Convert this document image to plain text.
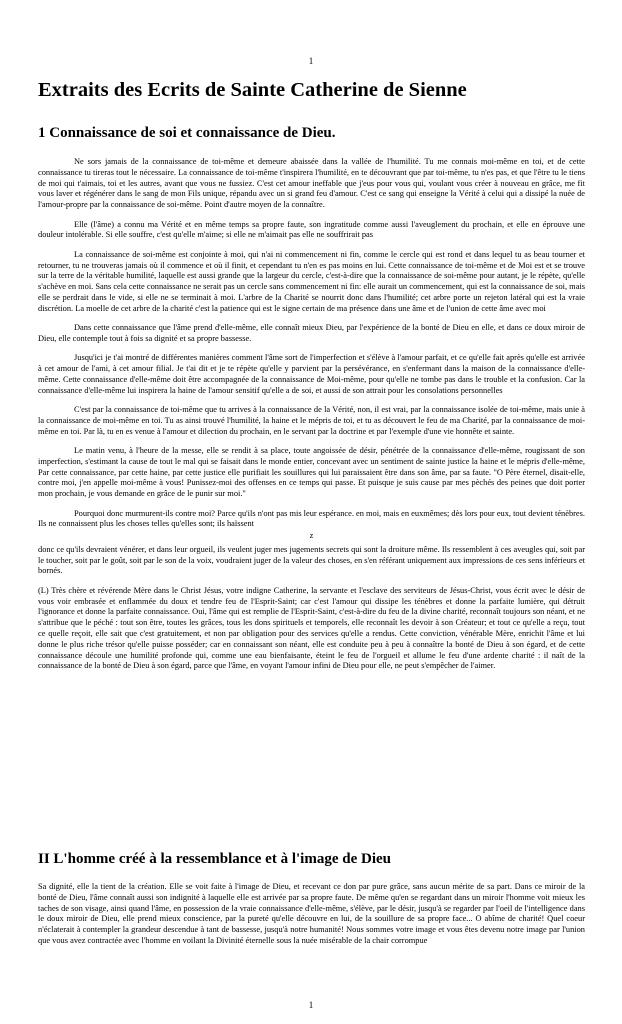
1
Extraits des Ecrits de Sainte Catherine de Sienne
1 Connaissance de soi et connaissance de Dieu.

Ne sors jamais de la connaissance de toi-même et demeure abaissée dans la vallée de l'humilité. Tu me connais moi-même en toi, et de cette connaissance tu tireras tout le nécessaire. La connaissance de toi-même t'inspirera l'humilité, en te découvrant que par toi-même, tu n'es pas, et que l'être tu le tiens de moi qui t'aimais, toi et les autres, avant que vous ne fussiez. C'est cet amour ineffable que j'eus pour vous qui, voulant vous créer à nouveau en grâce, me fit vous laver et régénérer dans le sang de mon Fils unique, répandu avec un si grand feu d'amour. C'est ce sang qui enseigne la Vérité à celui qui a dissipé la nuée de l'amour-propre par la connaissance de soi-même. Point d'autre moyen de la connaître.

Elle (l'âme) a connu ma Vérité et en même temps sa propre faute, son ingratitude comme aussi l'aveuglement du prochain, et elle en éprouve une douleur intolérable. Si elle souffre, c'est qu'elle m'aime; si elle ne m'aimait pas elle ne souffrirait pas

La connaissance de soi-même est conjointe à moi, qui n'ai ni commencement ni fin, comme le cercle qui est rond et dans lequel tu as beau tourner et retourner, tu ne trouveras jamais où il commence et où il finit, et cependant tu n'en es pas moins en lui. Cette connaissance de toi-même et de Moi est et se trouve sur la terre de la véritable humilité, laquelle est aussi grande que la largeur du cercle, c'est-à-dire que la connaissance de soi-même pour autant, je le répète, qu'elle s'achève en moi. Sans cela cette connaissance ne serait pas un cercle sans commencement ni fin: elle aurait un commencement, qui est la connaissance de soi, mais elle se perdrait dans le vide, si elle ne se terminait à moi. L'arbre de la Charité se nourrit donc dans l'humilité; cet arbre porte un rejeton latéral qui est la vraie discrétion. La moelle de cet arbre de la charité c'est la patience qui est le signe certain de ma présence dans une âme et de l'union de cette âme avec moi

Dans cette connaissance que l'âme prend d'elle-même, elle connaît mieux Dieu, par l'expérience de la bonté de Dieu en elle, et dans ce doux miroir de Dieu, elle contemple tout à fois sa dignité et sa propre bassesse.

Jusqu'ici je t'ai montré de différentes manières comment l'âme sort de l'imperfection et s'élève à l'amour parfait, et ce qu'elle fait après qu'elle est arrivée à cet amour de l'ami, à cet amour filial. Je t'ai dit et je te répète qu'elle y parvient par la persévérance, en s'enfermant dans la maison de la connaissance d'elle-même. Cette connaissance d'elle-même doit être accompagnée de la connaissance de Moi-même, pour qu'elle ne tombe pas dans le trouble et la confusion. Car la connaissance d'elle-même lui inspirera la haine de l'amour sensitif qu'elle a de soi, et aussi de son attrait pour les consolations personnelles

C'est par la connaissance de toi-même que tu arrives à la connaissance de la Vérité, non, il est vrai, par la connaissance isolée de toi-même, mais unie à la connaissance de moi-même en toi. Tu as ainsi trouvé l'humilité, la haine et le mépris de toi, et tu as découvert le feu de ma Charité, par la connaissance de moi-même en toi. Par là, tu en es venue à l'amour et dilection du prochain, en le servant par la doctrine et par l'exemple d'une vie honnête et sainte.

Le matin venu, à l'heure de la messe, elle se rendit à sa place, toute angoissée de désir, pénétrée de la connaissance d'elle-même, rougissant de son imperfection, s'estimant la cause de tout le mal qui se faisait dans le monde entier, concevant avec un sentiment de sainte justice la haine et le mépris d'elle-même, Par cette connaissance, par cette haine, par cette justice elle purifiait les souillures qui lui paraissaient être dans son âme, par sa faute. "O Père éternel, disait-elle, contre moi, j'en appelle moi-même à vous! Punissez-moi des offenses en ce temps qui passe. Et puisque je suis cause par mes pèchés des peines que doit porter mon prochain, je vous demande en grâce de le punir sur moi."

Pourquoi donc murmurent-ils contre moi? Parce qu'ils n'ont pas mis leur espérance. en moi, mais en euxmêmes; dès lors pour eux, tout devient ténèbres. Ils ne connaissent plus les choses telles qu'elles sont; ils haïssent

z

donc ce qu'ils devraient vénérer, et dans leur orgueil, ils veulent juger mes jugements secrets qui sont la droiture même. Ils ressemblent à ces aveugles qui, soit par le toucher, soit par le goût, soit par le son de la voix, voudraient juger de la valeur des choses, en s'en référant uniquement aux impressions de ces sens inférieurs et bornés.

(L) Très chère et révérende Mère dans le Christ Jésus, votre indigne Catherine, la servante et l'esclave des serviteurs de Jésus-Christ, vous écrit avec le désir de vous voir embrasée et enflammée du doux et tendre feu de l'Esprit-Saint; car c'est l'amour qui dissipe les ténèbres et donne la parfaite lumière, qui détruit l'ignorance et donne la parfaite connaissance. Oui, l'âme qui est remplie de l'Esprit-Saint, c'est-à-dire du feu de la divine charité, reconnaît toujours son néant, et ne s'attribue que le péché : tout son être, toutes les grâces, tous les dons spirituels et temporels, elle reconnaît les devoir à son Créateur; et tout ce qu'elle a reçu, tout ce quelle reçoit, elle sait que c'est gratuitement, et non par obligation pour des services qu'elle a rendus. Cette conviction, vénérable Mère, enrichit l'âme et lui donne le plus riche trésor qu'elle puisse posséder; car en connaissant son néant, elle est conduite peu à peu à connaître la bonté de Dieu à son égard, et de cette connaissance découle une humilité profonde qui, comme une eau bienfaisante, éteint le feu de l'orgueil et allume le feu d'une ardente charité : il naît de la connaissance de la bonté de Dieu à son égard, parce que l'âme, en voyant l'amour infini de Dieu pour elle, ne peut s'empêcher de l'aimer.

II L'homme créé à la ressemblance et à l'image de Dieu

Sa dignité, elle la tient de la création. Elle se voit faite à l'image de Dieu, et recevant ce don par pure grâce, sans aucun mérite de sa part. Dans ce miroir de la bonté de Dieu, l'âme connaît aussi son indignité à laquelle elle est arrivée par sa propre faute. De même qu'en se regardant dans un miroir l'homme voit mieux les taches de son visage, ainsi quand l'âme, en possession de la vraie connaissance d'elle-même, s'élève, par le désir, jusqu'à se regarder par l'oeil de l'intelligence dans le doux miroir de Dieu, elle prend mieux conscience, par la pureté qu'elle découvre en lui, de la souillure de sa propre face... O abîme de charité! Quel coeur n'éclaterait à contempler la grandeur descendue à tant de bassesse, jusqu'à notre humanité! Nous sommes votre image et vous êtes devenu notre image par l'union que vous avez contractée avec l'homme en voilant la Divinité éternelle sous la nuée misérable de la chair corrompue

1
